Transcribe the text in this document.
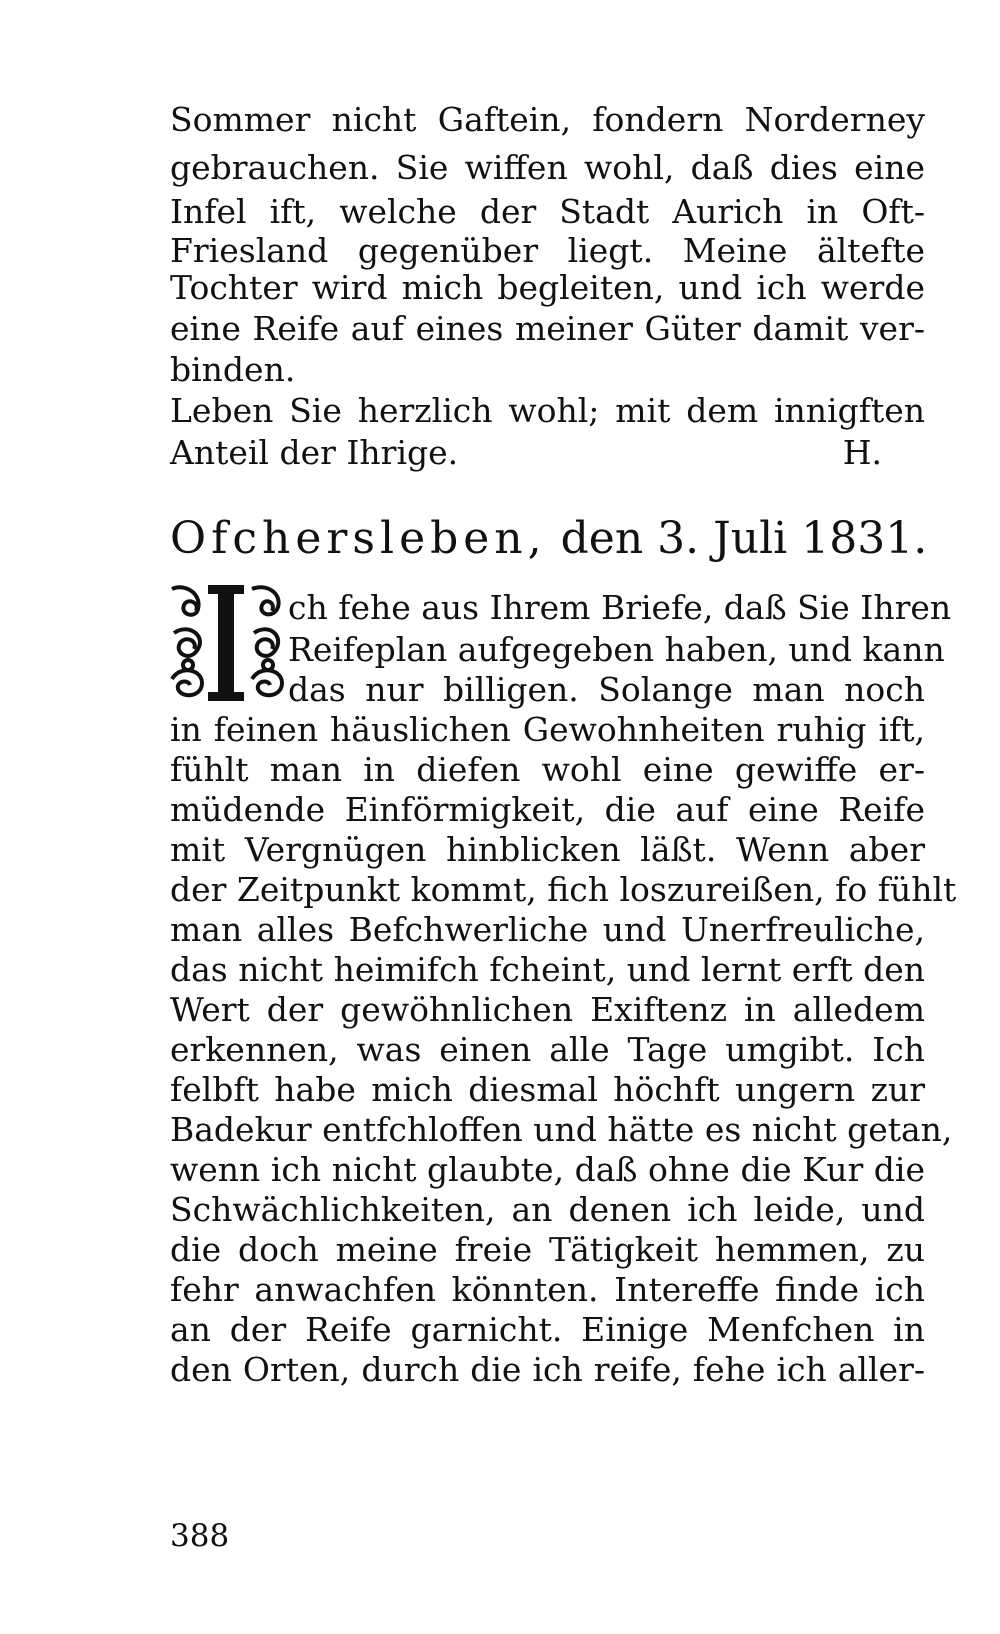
Sommer nicht Gaftein, fondern Norderney

gebrauchen. Sie wiffen wohl, daß dies eine

Infel ift, welche der Stadt Aurich in Oft-

Friesland gegenüber liegt. Meine ältefte

Tochter wird mich begleiten, und ich werde

eine Reife auf eines meiner Güter damit ver-

binden.

Leben Sie herzlich wohl; mit dem innigften

Anteil der Ihrige.	H.
Ofchersleben, den 3. Juli 1831.

ch fehe aus Ihrem Briefe, daß Sie Ihren

Reifeplan aufgegeben haben, und kann

das nur billigen. Solange man noch

in feinen häuslichen Gewohnheiten ruhig ift,

fühlt man in diefen wohl eine gewiffe er-

müdende Einförmigkeit, die auf eine Reife

mit Vergnügen hinblicken läßt. Wenn aber

der Zeitpunkt kommt, fich loszureißen, fo fühlt

man alles Befchwerliche und Unerfreuliche,

das nicht heimifch fcheint, und lernt erft den

Wert der gewöhnlichen Exiftenz in alledem

erkennen, was einen alle Tage umgibt. Ich

felbft habe mich diesmal höchft ungern zur

Badekur entfchloffen und hätte es nicht getan,

wenn ich nicht glaubte, daß ohne die Kur die

Schwächlichkeiten, an denen ich leide, und

die doch meine freie Tätigkeit hemmen, zu

fehr anwachfen könnten. Intereffe finde ich

an der Reife garnicht. Einige Menfchen in

den Orten, durch die ich reife, fehe ich aller-

388
